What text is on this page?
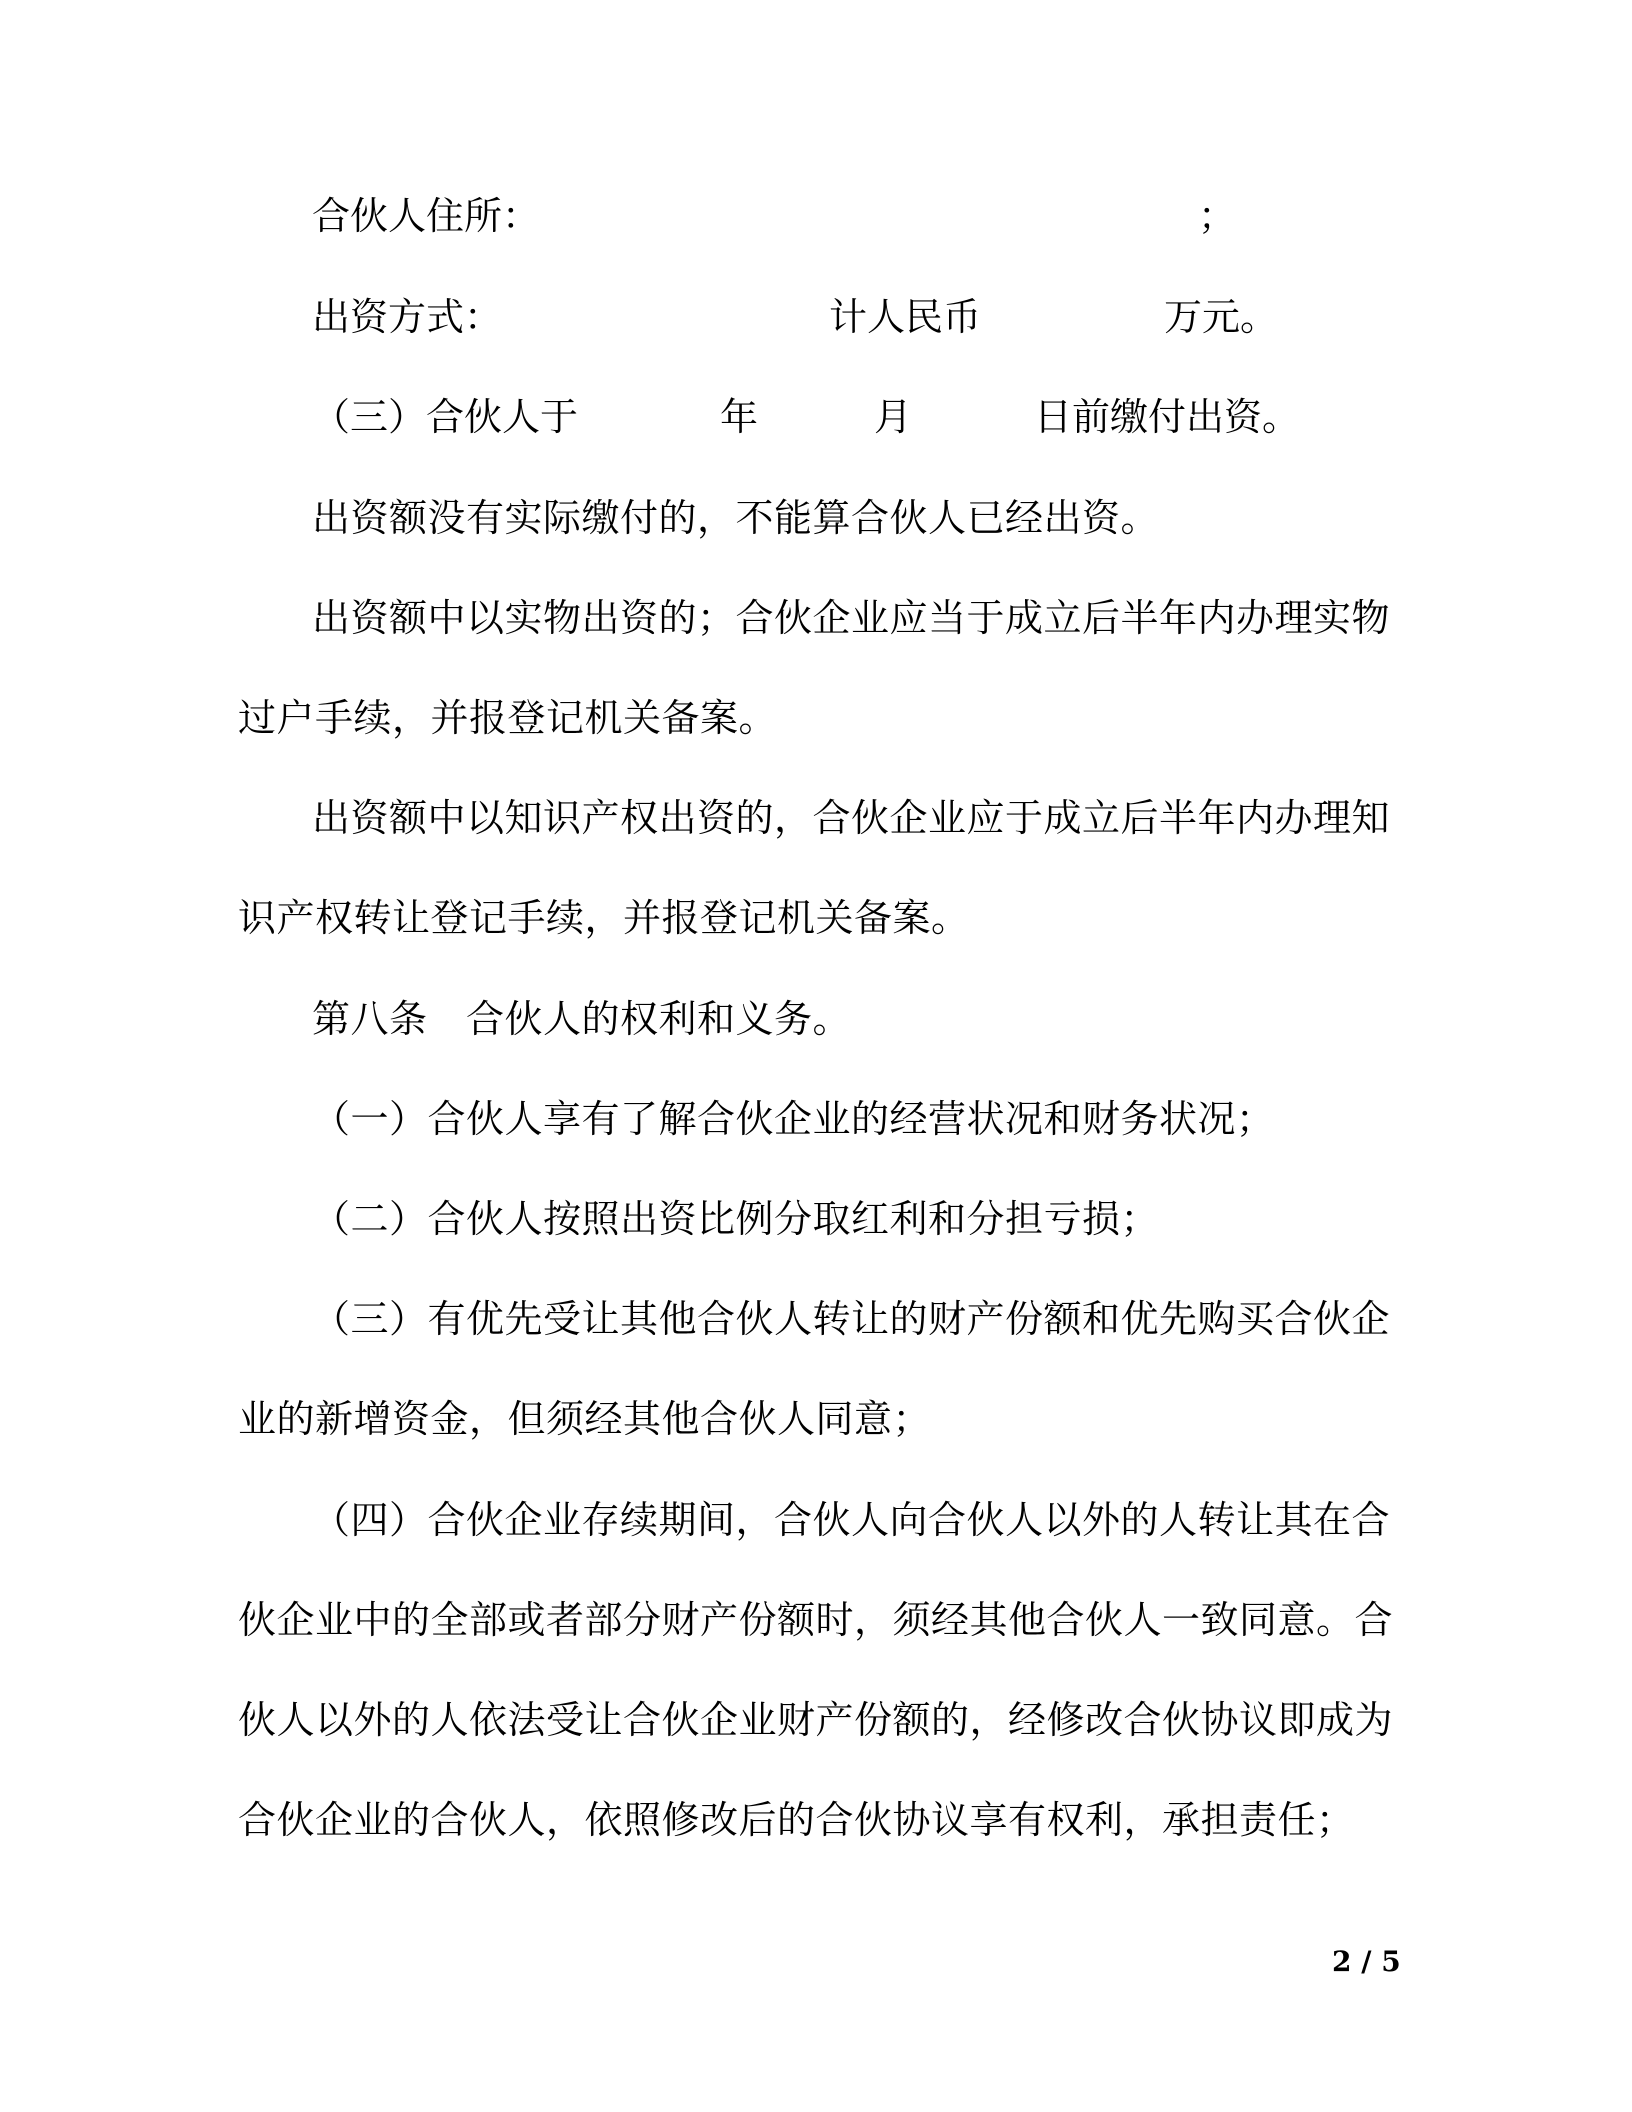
合伙人住所：	；
出资方式：	计人民币	万元。
（三）合伙人于	年	月	日前缴付出资。
出资额没有实际缴付的，不能算合伙人已经出资。
出资额中以实物出资的；合伙企业应当于成立后半年内办理实物
过户手续，并报登记机关备案。
出资额中以知识产权出资的，合伙企业应于成立后半年内办理知
识产权转让登记手续，并报登记机关备案。
第八条　合伙人的权利和义务。
（一）合伙人享有了解合伙企业的经营状况和财务状况；
（二）合伙人按照出资比例分取红利和分担亏损；
（三）有优先受让其他合伙人转让的财产份额和优先购买合伙企
业的新增资金，但须经其他合伙人同意；
（四）合伙企业存续期间，合伙人向合伙人以外的人转让其在合
伙企业中的全部或者部分财产份额时，须经其他合伙人一致同意。合
伙人以外的人依法受让合伙企业财产份额的，经修改合伙协议即成为
合伙企业的合伙人，依照修改后的合伙协议享有权利，承担责任；
2 / 5
